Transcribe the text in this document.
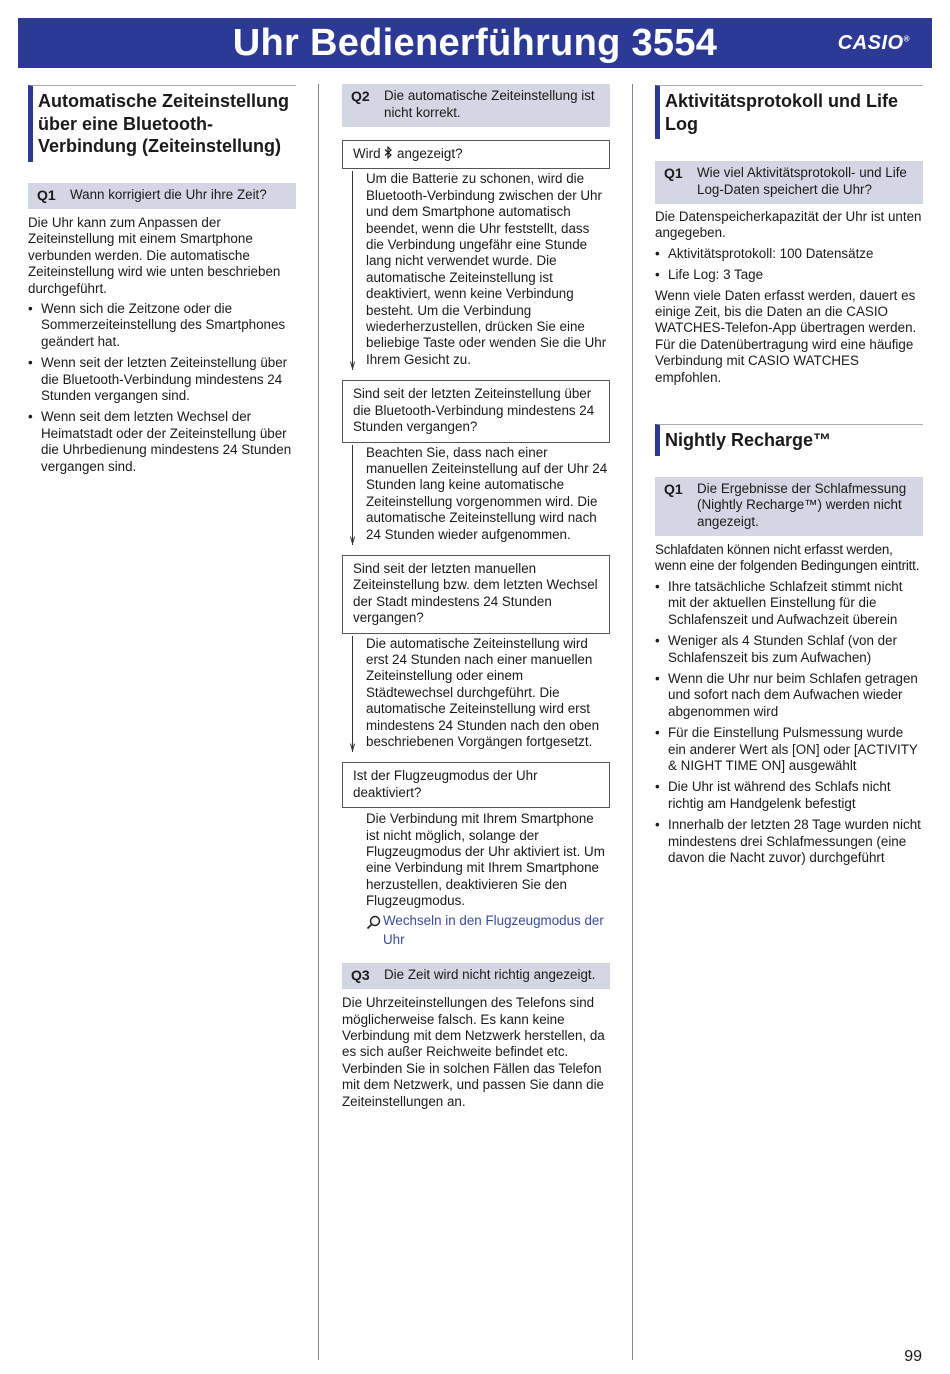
Uhr Bedienerführung 3554	CASIO®
Automatische Zeiteinstellung über eine Bluetooth-Verbindung (Zeiteinstellung)
Q1	Wann korrigiert die Uhr ihre Zeit?

Die Uhr kann zum Anpassen der Zeiteinstellung mit einem Smartphone verbunden werden. Die automatische Zeiteinstellung wird wie unten beschrieben durchgeführt.

• Wenn sich die Zeitzone oder die Sommerzeiteinstellung des Smartphones geändert hat.
• Wenn seit der letzten Zeiteinstellung über die Bluetooth-Verbindung mindestens 24 Stunden vergangen sind.
• Wenn seit dem letzten Wechsel der Heimatstadt oder der Zeiteinstellung über die Uhrbedienung mindestens 24 Stunden vergangen sind.
Q2	Die automatische Zeiteinstellung ist nicht korrekt.
Wird angezeigt?
∨
Um die Batterie zu schonen, wird die Bluetooth-Verbindung zwischen der Uhr und dem Smartphone automatisch beendet, wenn die Uhr feststellt, dass die Verbindung ungefähr eine Stunde lang nicht verwendet wurde. Die automatische Zeiteinstellung ist deaktiviert, wenn keine Verbindung besteht. Um die Verbindung wiederherzustellen, drücken Sie eine beliebige Taste oder wenden Sie die Uhr Ihrem Gesicht zu.
Sind seit der letzten Zeiteinstellung über die Bluetooth-Verbindung mindestens 24 Stunden vergangen?
∨
Beachten Sie, dass nach einer manuellen Zeiteinstellung auf der Uhr 24 Stunden lang keine automatische Zeiteinstellung vorgenommen wird. Die automatische Zeiteinstellung wird nach 24 Stunden wieder aufgenommen.
Sind seit der letzten manuellen Zeiteinstellung bzw. dem letzten Wechsel der Stadt mindestens 24 Stunden vergangen?
∨
Die automatische Zeiteinstellung wird erst 24 Stunden nach einer manuellen Zeiteinstellung oder einem Städtewechsel durchgeführt. Die automatische Zeiteinstellung wird erst mindestens 24 Stunden nach den oben beschriebenen Vorgängen fortgesetzt.
Ist der Flugzeugmodus der Uhr deaktiviert?
Die Verbindung mit Ihrem Smartphone ist nicht möglich, solange der Flugzeugmodus der Uhr aktiviert ist. Um eine Verbindung mit Ihrem Smartphone herzustellen, deaktivieren Sie den Flugzeugmodus.
Wechseln in den Flugzeugmodus der Uhr
Q3	Die Zeit wird nicht richtig angezeigt.

Die Uhrzeiteinstellungen des Telefons sind möglicherweise falsch. Es kann keine Verbindung mit dem Netzwerk herstellen, da es sich außer Reichweite befindet etc. Verbinden Sie in solchen Fällen das Telefon mit dem Netzwerk, und passen Sie dann die Zeiteinstellungen an.

Aktivitätsprotokoll und Life Log
Q1	Wie viel Aktivitätsprotokoll- und Life Log-Daten speichert die Uhr?

Die Datenspeicherkapazität der Uhr ist unten angegeben.

• Aktivitätsprotokoll: 100 Datensätze
• Life Log: 3 Tage

Wenn viele Daten erfasst werden, dauert es einige Zeit, bis die Daten an die CASIO WATCHES-Telefon-App übertragen werden. Für die Datenübertragung wird eine häufige Verbindung mit CASIO WATCHES empfohlen.

Nightly Recharge™
Q1	Die Ergebnisse der Schlafmessung (Nightly Recharge™) werden nicht angezeigt.

Schlafdaten können nicht erfasst werden, wenn eine der folgenden Bedingungen eintritt.

• Ihre tatsächliche Schlafzeit stimmt nicht mit der aktuellen Einstellung für die Schlafenszeit und Aufwachzeit überein
• Weniger als 4 Stunden Schlaf (von der Schlafenszeit bis zum Aufwachen)
• Wenn die Uhr nur beim Schlafen getragen und sofort nach dem Aufwachen wieder abgenommen wird
• Für die Einstellung Pulsmessung wurde ein anderer Wert als [ON] oder [ACTIVITY & NIGHT TIME ON] ausgewählt
• Die Uhr ist während des Schlafs nicht richtig am Handgelenk befestigt
• Innerhalb der letzten 28 Tage wurden nicht mindestens drei Schlafmessungen (eine davon die Nacht zuvor) durchgeführt
99
